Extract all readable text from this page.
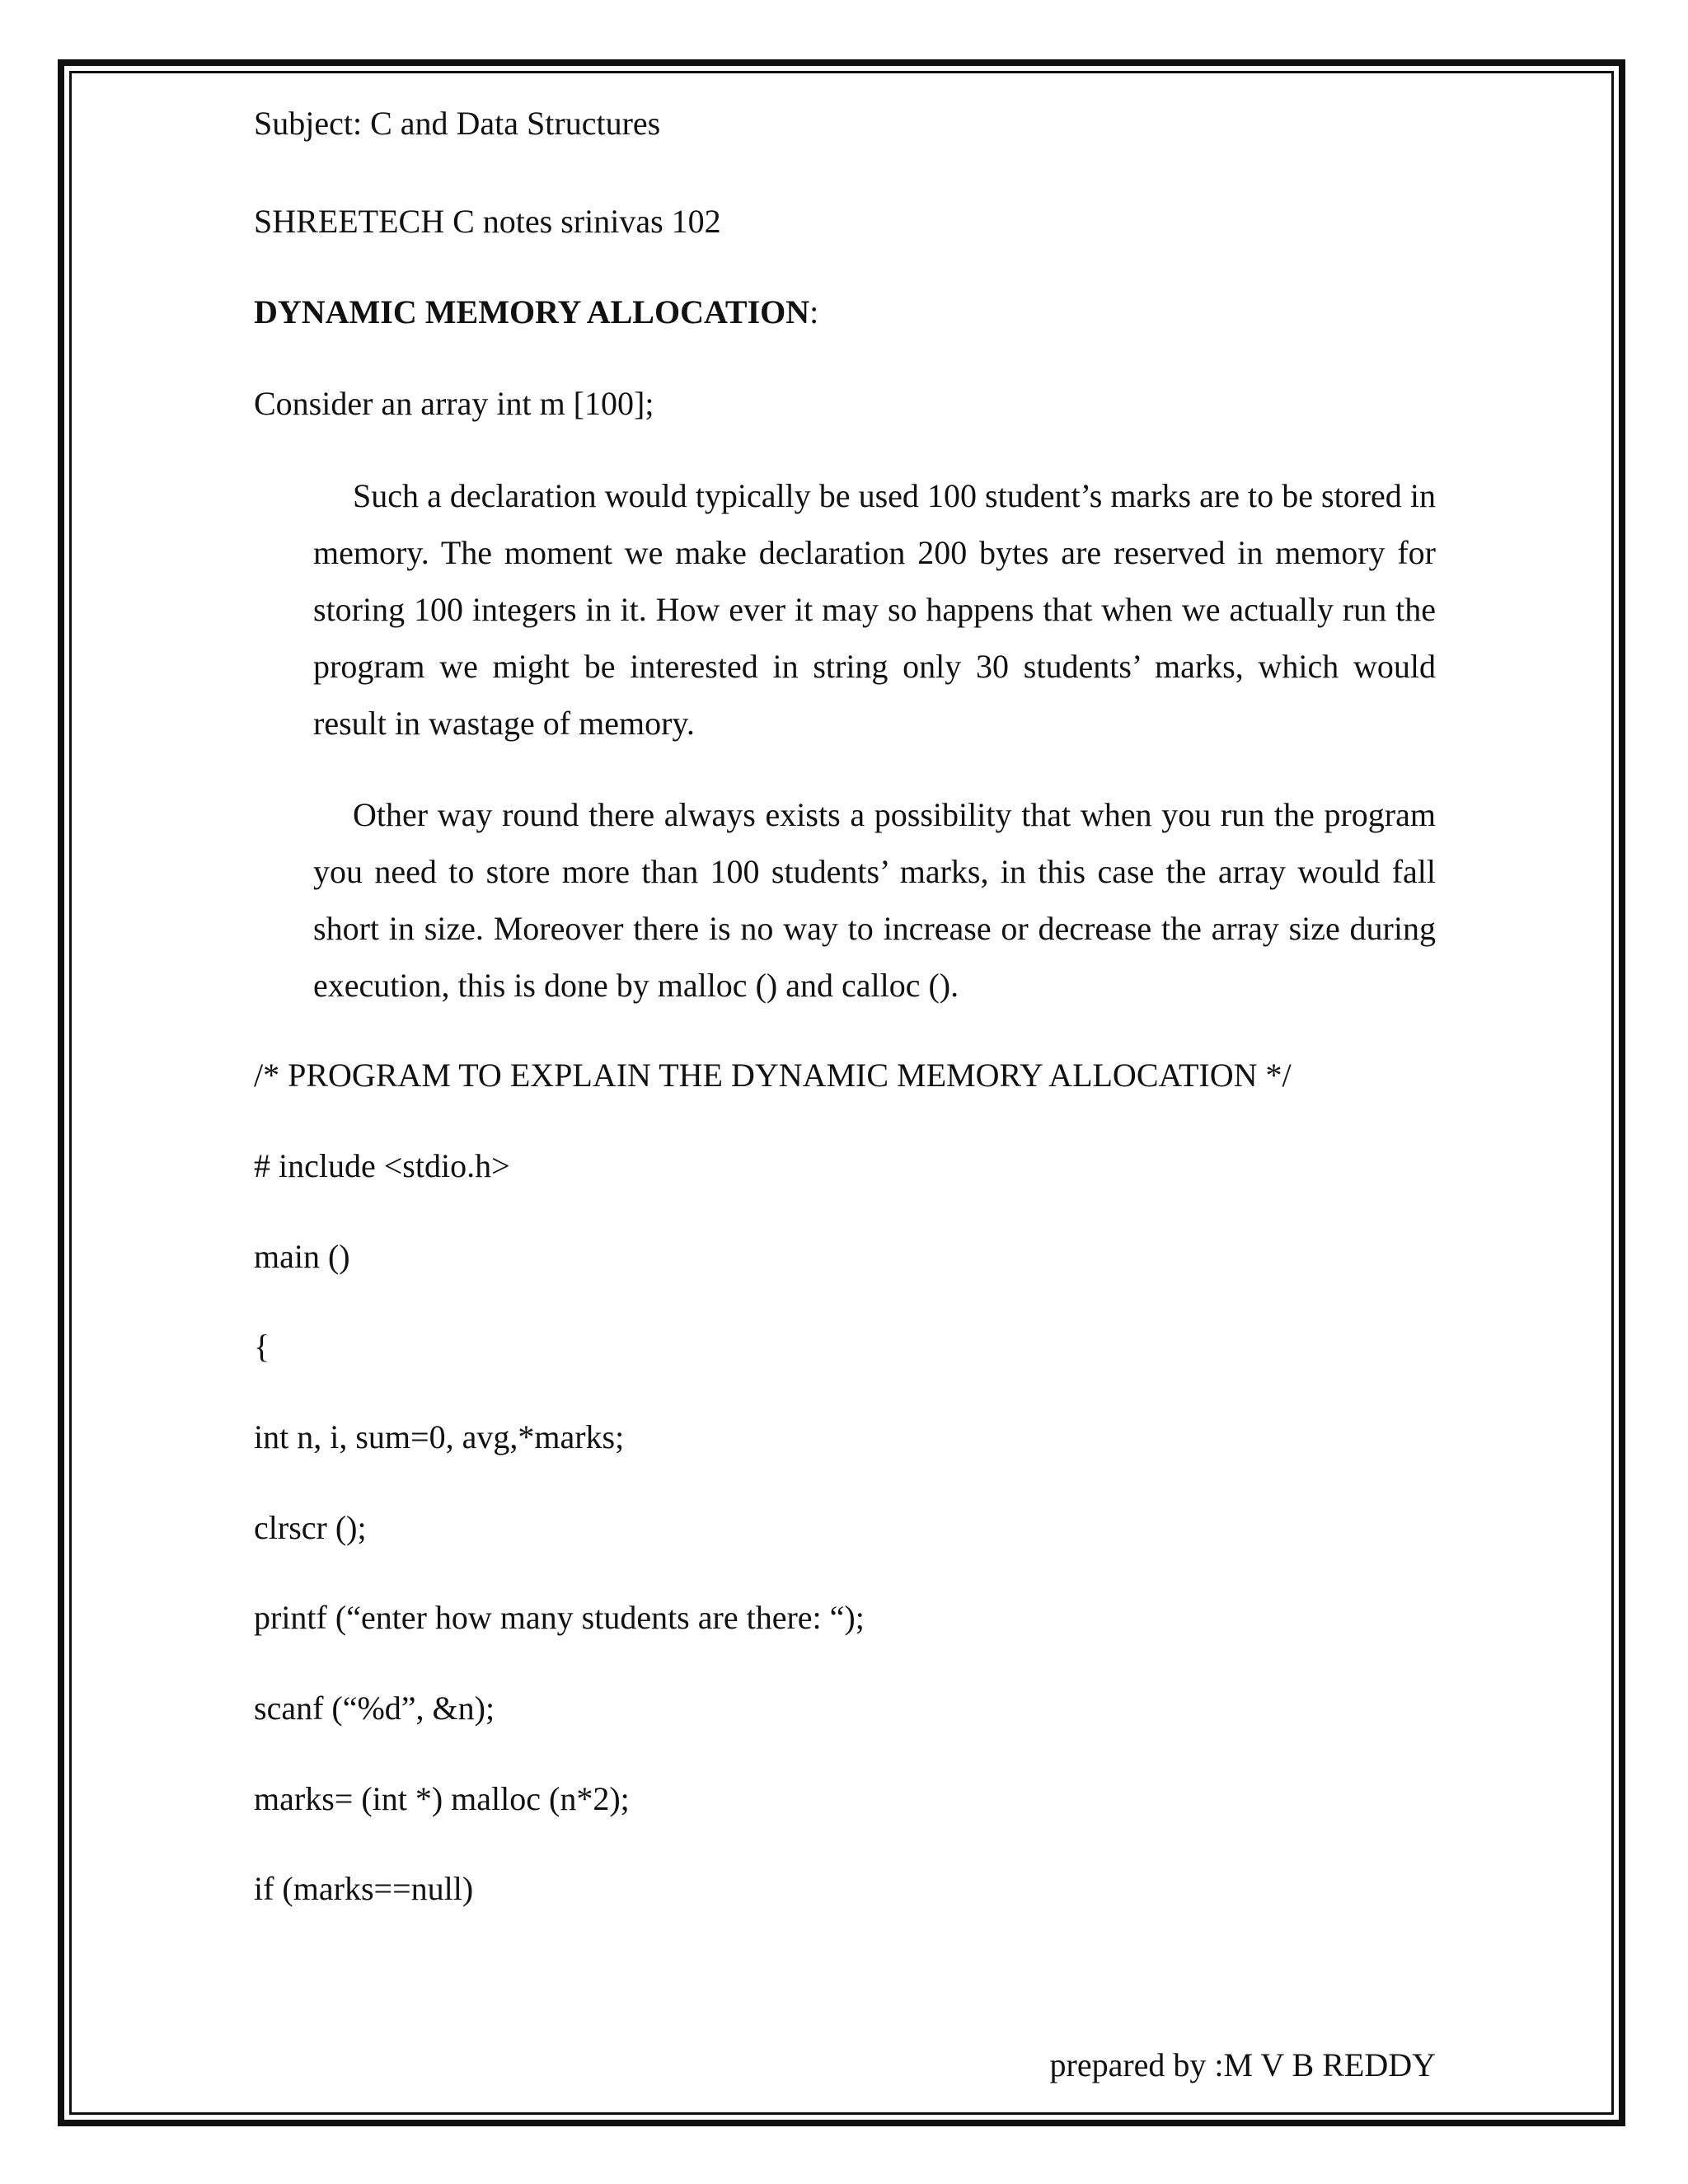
Subject: C and Data Structures
SHREETECH C notes srinivas 102
DYNAMIC MEMORY ALLOCATION:
Consider an array int m [100];
Such a declaration would typically be used 100 student’s marks are to be stored in memory. The moment we make declaration 200 bytes are reserved in memory for storing 100 integers in it. How ever it may so happens that when we actually run the program we might be interested in string only 30 students’ marks, which would result in wastage of memory.
Other way round there always exists a possibility that when you run the program you need to store more than 100 students’ marks, in this case the array would fall short in size. Moreover there is no way to increase or decrease the array size during execution, this is done by malloc () and calloc ().
/* PROGRAM TO EXPLAIN THE DYNAMIC MEMORY ALLOCATION */
# include <stdio.h>
main ()
{
int n, i, sum=0, avg,*marks;
clrscr ();
printf (“enter how many students are there: “);
scanf (“%d”, &n);
marks= (int *) malloc (n*2);
if (marks==null)
prepared by :M V B REDDY
